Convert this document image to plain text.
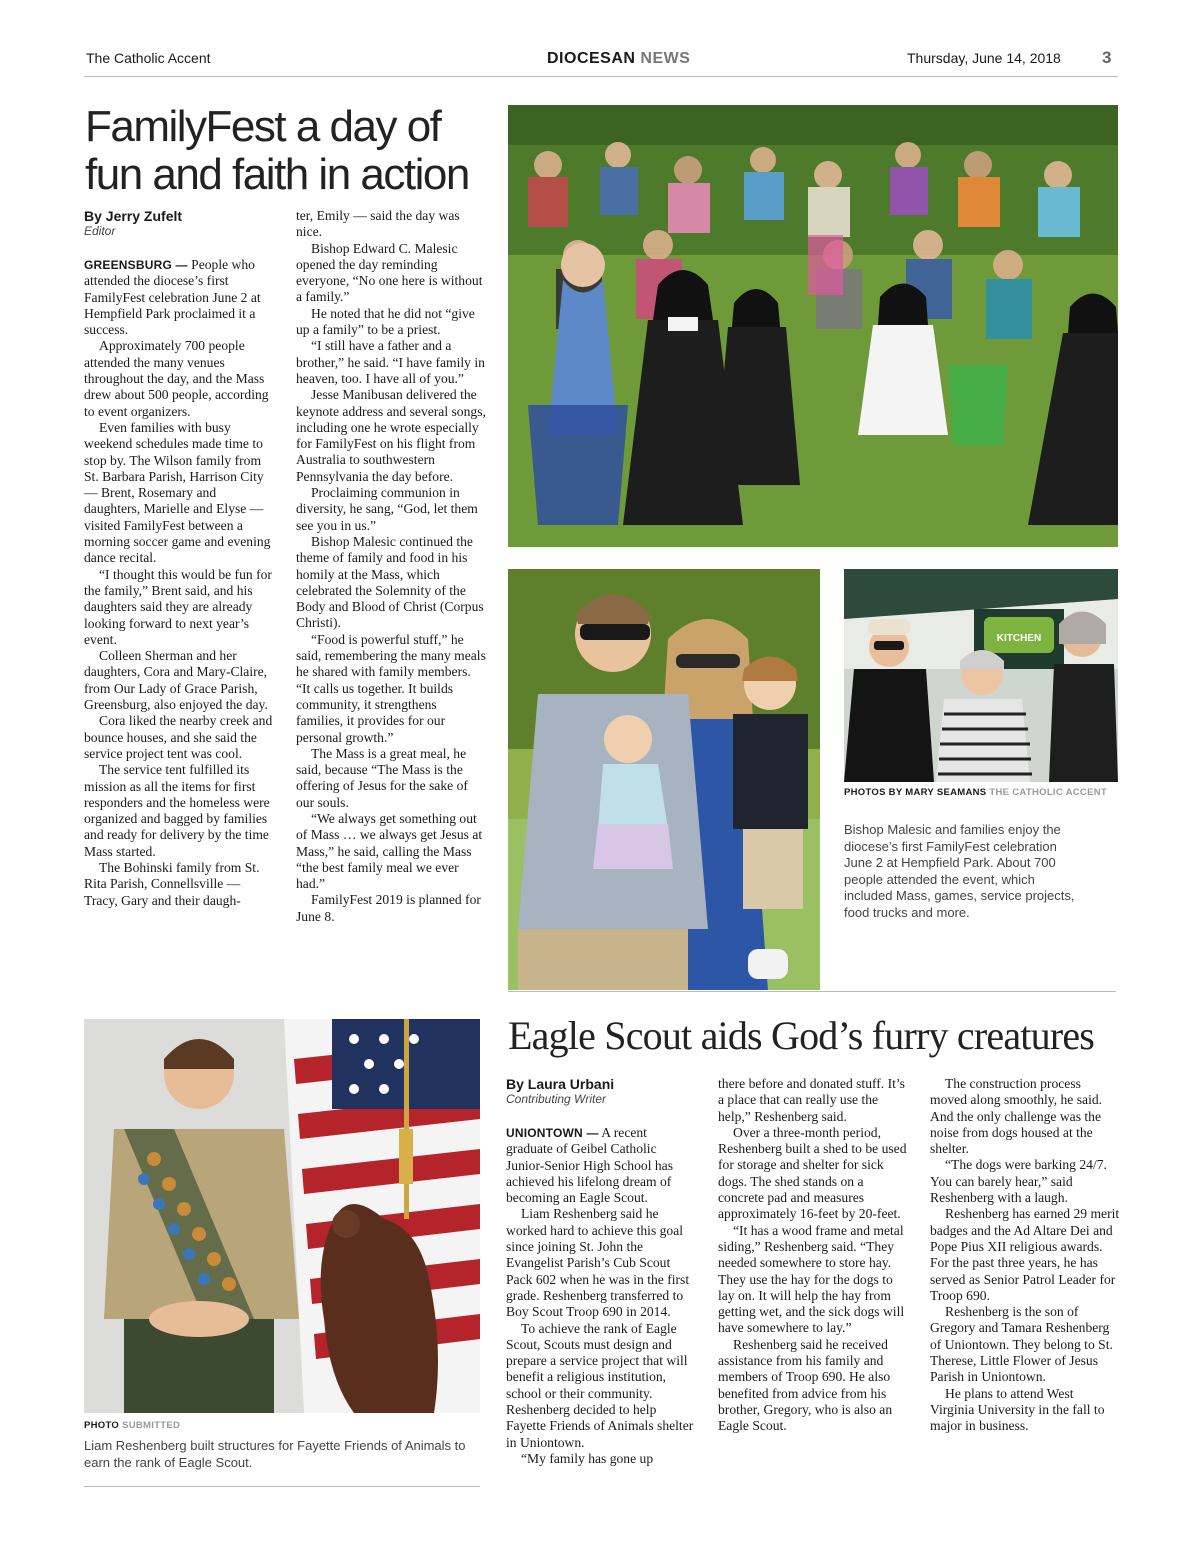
The Catholic Accent	DIOCESAN NEWS	Thursday, June 14, 2018 3
FamilyFest a day of fun and faith in action
By Jerry Zufelt
Editor

GREENSBURG — People who attended the diocese’s first FamilyFest celebration June 2 at Hempfield Park proclaimed it a success.

Approximately 700 people attended the many venues throughout the day, and the Mass drew about 500 people, according to event organizers.

Even families with busy weekend schedules made time to stop by. The Wilson family from St. Barbara Parish, Harrison City — Brent, Rosemary and daughters, Marielle and Elyse — visited FamilyFest between a morning soccer game and evening dance recital.

“I thought this would be fun for the family,” Brent said, and his daughters said they are already looking forward to next year’s event.

Colleen Sherman and her daughters, Cora and Mary-Claire, from Our Lady of Grace Parish, Greensburg, also enjoyed the day.

Cora liked the nearby creek and bounce houses, and she said the service project tent was cool.

The service tent fulfilled its mission as all the items for first responders and the homeless were organized and bagged by families and ready for delivery by the time Mass started.

The Bohinski family from St. Rita Parish, Connellsville — Tracy, Gary and their daugh-

ter, Emily — said the day was nice.

Bishop Edward C. Malesic opened the day reminding everyone, “No one here is without a family.”

He noted that he did not “give up a family” to be a priest.

“I still have a father and a brother,” he said. “I have family in heaven, too. I have all of you.”

Jesse Manibusan delivered the keynote address and several songs, including one he wrote especially for FamilyFest on his flight from Australia to southwestern Pennsylvania the day before.

Proclaiming communion in diversity, he sang, “God, let them see you in us.”

Bishop Malesic continued the theme of family and food in his homily at the Mass, which celebrated the Solemnity of the Body and Blood of Christ (Corpus Christi).

“Food is powerful stuff,” he said, remembering the many meals he shared with family members. “It calls us together. It builds community, it strengthens families, it provides for our personal growth.”

The Mass is a great meal, he said, because “The Mass is the offering of Jesus for the sake of our souls.

“We always get something out of Mass … we always get Jesus at Mass,” he said, calling the Mass “the best family meal we ever had.”

FamilyFest 2019 is planned for June 8.

KITCHEN
PHOTOS BY MARY SEAMANS THE CATHOLIC ACCENT
Bishop Malesic and families enjoy the diocese’s first FamilyFest celebration June 2 at Hempfield Park. About 700 people attended the event, which included Mass, games, service projects, food trucks and more.
PHOTO SUBMITTED
Liam Reshenberg built structures for Fayette Friends of Animals to earn the rank of Eagle Scout.
Eagle Scout aids God’s furry creatures
By Laura Urbani
Contributing Writer

UNIONTOWN — A recent graduate of Geibel Catholic Junior-Senior High School has achieved his lifelong dream of becoming an Eagle Scout.

Liam Reshenberg said he worked hard to achieve this goal since joining St. John the Evangelist Parish’s Cub Scout Pack 602 when he was in the first grade. Reshenberg transferred to Boy Scout Troop 690 in 2014.

To achieve the rank of Eagle Scout, Scouts must design and prepare a service project that will benefit a religious institution, school or their community. Reshenberg decided to help Fayette Friends of Animals shelter in Uniontown.

“My family has gone up

there before and donated stuff. It’s a place that can really use the help,” Reshenberg said.

Over a three-month period, Reshenberg built a shed to be used for storage and shelter for sick dogs. The shed stands on a concrete pad and measures approximately 16-feet by 20-feet.

“It has a wood frame and metal siding,” Reshenberg said. “They needed somewhere to store hay. They use the hay for the dogs to lay on. It will help the hay from getting wet, and the sick dogs will have somewhere to lay.”

Reshenberg said he received assistance from his family and members of Troop 690. He also benefited from advice from his brother, Gregory, who is also an Eagle Scout.

The construction process moved along smoothly, he said. And the only challenge was the noise from dogs housed at the shelter.

“The dogs were barking 24/7. You can barely hear,” said Reshenberg with a laugh.

Reshenberg has earned 29 merit badges and the Ad Altare Dei and Pope Pius XII religious awards. For the past three years, he has served as Senior Patrol Leader for Troop 690.

Reshenberg is the son of Gregory and Tamara Reshenberg of Uniontown. They belong to St. Therese, Little Flower of Jesus Parish in Uniontown.

He plans to attend West Virginia University in the fall to major in business.
